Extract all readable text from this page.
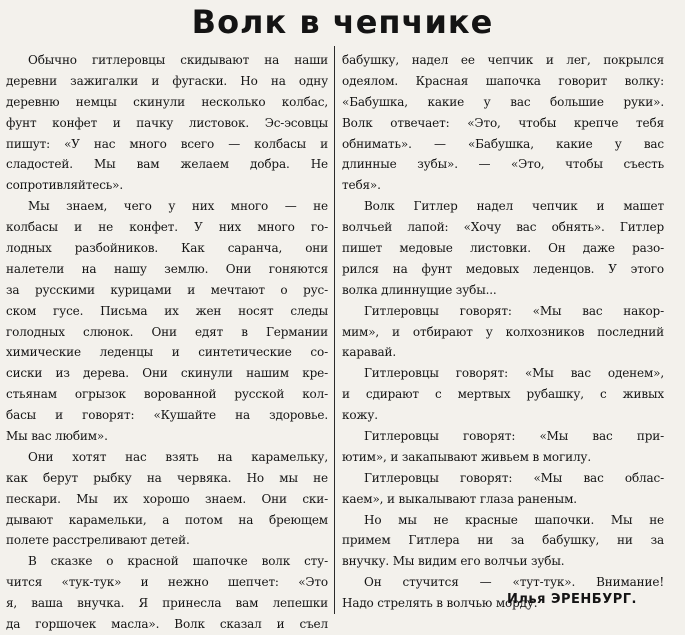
Волк в чепчике
Обычно гитлеровцы скидывают на наши
деревни зажигалки и фугаски. Но на одну
деревню немцы скинули несколько колбас,
фунт конфет и пачку листовок. Эс-эсовцы
пишут: «У нас много всего — колбасы и
сладостей. Мы вам желаем добра. Не
сопротивляйтесь».
Мы знаем, чего у них много — не
колбасы и не конфет. У них много го-
лодных разбойников. Как саранча, они
налетели на нашу землю. Они гоняются
за русскими курицами и мечтают о рус-
ском гусе. Письма их жен носят следы
голодных слюнок. Они едят в Германии
химические леденцы и синтетические со-
сиски из дерева. Они скинули нашим кре-
стьянам огрызок ворованной русской кол-
басы и говорят: «Кушайте на здоровье.
Мы вас любим».
Они хотят нас взять на карамельку,
как берут рыбку на червяка. Но мы не
пескари. Мы их хорошо знаем. Они ски-
дывают карамельки, а потом на бреющем
полете расстреливают детей.
В сказке о красной шапочке волк сту-
чится «тук-тук» и нежно шепчет: «Это
я, ваша внучка. Я принесла вам лепешки
да горшочек масла». Волк сказал и съел
бабушку, надел ее чепчик и лег, покрылся
одеялом. Красная шапочка говорит волку:
«Бабушка, какие у вас большие руки».
Волк отвечает: «Это, чтобы крепче тебя
обнимать». — «Бабушка, какие у вас
длинные зубы». — «Это, чтобы съесть
тебя».
Волк Гитлер надел чепчик и машет
волчьей лапой: «Хочу вас обнять». Гитлер
пишет медовые листовки. Он даже разо-
рился на фунт медовых леденцов. У этого
волка длиннущие зубы...
Гитлеровцы говорят: «Мы вас накор-
мим», и отбирают у колхозников последний
каравай.
Гитлеровцы говорят: «Мы вас оденем»,
и сдирают с мертвых рубашку, с живых
кожу.
Гитлеровцы говорят: «Мы вас при-
ютим», и закапывают живьем в могилу.
Гитлеровцы говорят: «Мы вас облас-
каем», и выкалывают глаза раненым.
Но мы не красные шапочки. Мы не
примем Гитлера ни за бабушку, ни за
внучку. Мы видим его волчьи зубы.
Он стучится — «тут-тук». Внимание!
Надо стрелять в волчью морду.
Илья ЭРЕНБУРГ.
